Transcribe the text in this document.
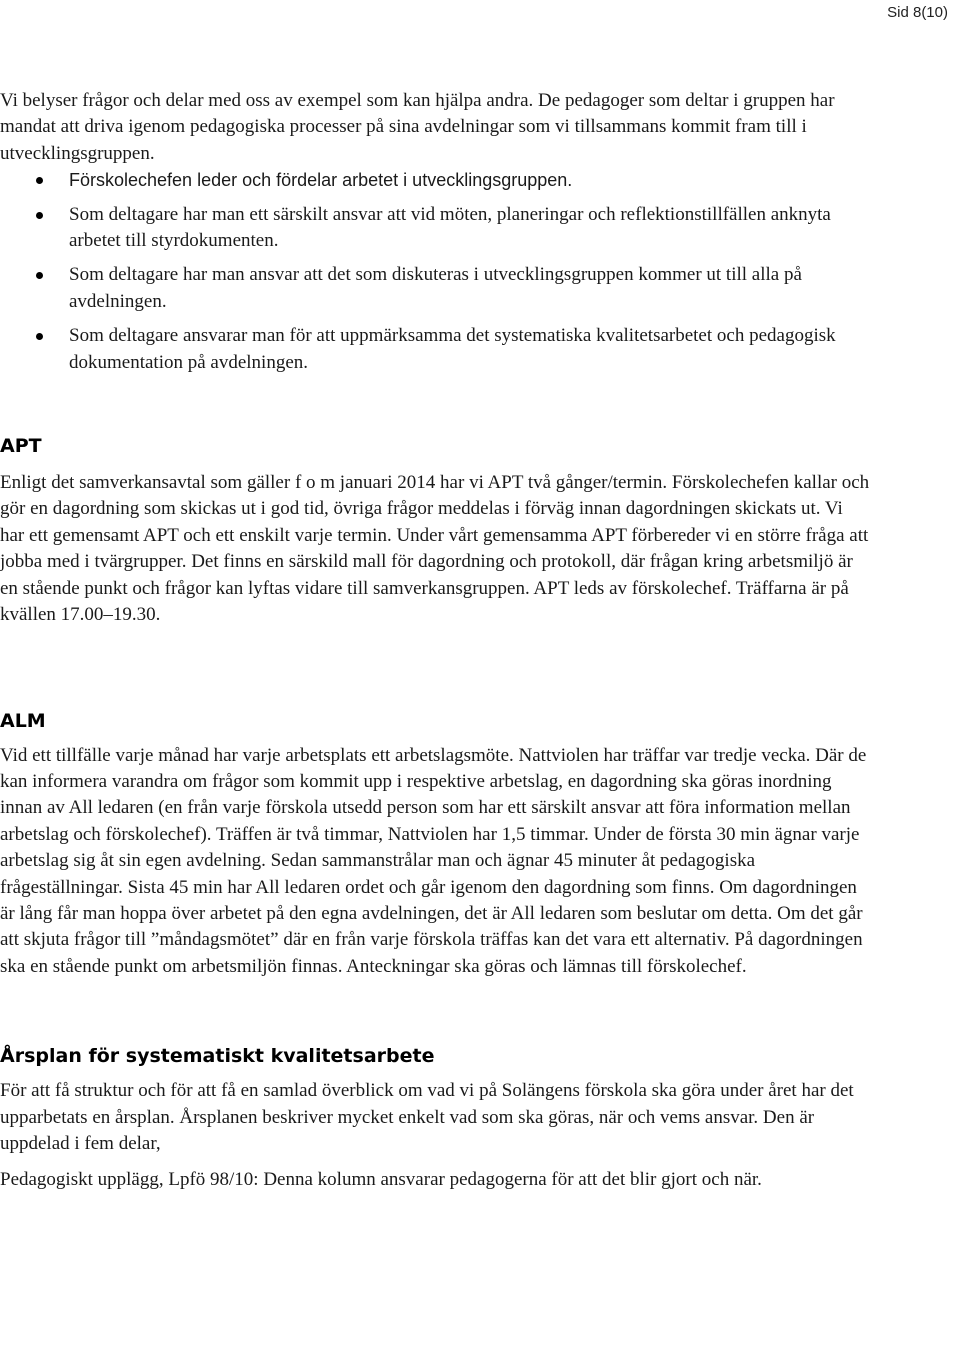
Sid 8(10)

Vi belyser frågor och delar med oss av exempel som kan hjälpa andra. De pedagoger som deltar i gruppen har mandat att driva igenom pedagogiska processer på sina avdelningar som vi tillsammans kommit fram till i utvecklingsgruppen.

Förskolechefen leder och fördelar arbetet i utvecklingsgruppen.
Som deltagare har man ett särskilt ansvar att vid möten, planeringar och reflektionstillfällen anknyta arbetet till styrdokumenten.
Som deltagare har man ansvar att det som diskuteras i utvecklingsgruppen kommer ut till alla på avdelningen.
Som deltagare ansvarar man för att uppmärksamma det systematiska kvalitetsarbetet och pedagogisk dokumentation på avdelningen.
APT

Enligt det samverkansavtal som gäller f o m januari 2014 har vi APT två gånger/termin. Förskolechefen kallar och gör en dagordning som skickas ut i god tid, övriga frågor meddelas i förväg innan dagordningen skickats ut. Vi har ett gemensamt APT och ett enskilt varje termin. Under vårt gemensamma APT förbereder vi en större fråga att jobba med i tvärgrupper. Det finns en särskild mall för dagordning och protokoll, där frågan kring arbetsmiljö är en stående punkt och frågor kan lyftas vidare till samverkansgruppen. APT leds av förskolechef. Träffarna är på kvällen 17.00–19.30.

ALM

Vid ett tillfälle varje månad har varje arbetsplats ett arbetslagsmöte. Nattviolen har träffar var tredje vecka. Där de kan informera varandra om frågor som kommit upp i respektive arbetslag, en dagordning ska göras inordning innan av All ledaren (en från varje förskola utsedd person som har ett särskilt ansvar att föra information mellan arbetslag och förskolechef). Träffen är två timmar, Nattviolen har 1,5 timmar. Under de första 30 min ägnar varje arbetslag sig åt sin egen avdelning. Sedan sammanstrålar man och ägnar 45 minuter åt pedagogiska frågeställningar. Sista 45 min har All ledaren ordet och går igenom den dagordning som finns. Om dagordningen är lång får man hoppa över arbetet på den egna avdelningen, det är All ledaren som beslutar om detta. Om det går att skjuta frågor till ”måndagsmötet” där en från varje förskola träffas kan det vara ett alternativ. På dagordningen ska en stående punkt om arbetsmiljön finnas. Anteckningar ska göras och lämnas till förskolechef.

Årsplan för systematiskt kvalitetsarbete

För att få struktur och för att få en samlad överblick om vad vi på Solängens förskola ska göra under året har det upparbetats en årsplan. Årsplanen beskriver mycket enkelt vad som ska göras, när och vems ansvar. Den är uppdelad i fem delar,

Pedagogiskt upplägg, Lpfö 98/10: Denna kolumn ansvarar pedagogerna för att det blir gjort och när.
